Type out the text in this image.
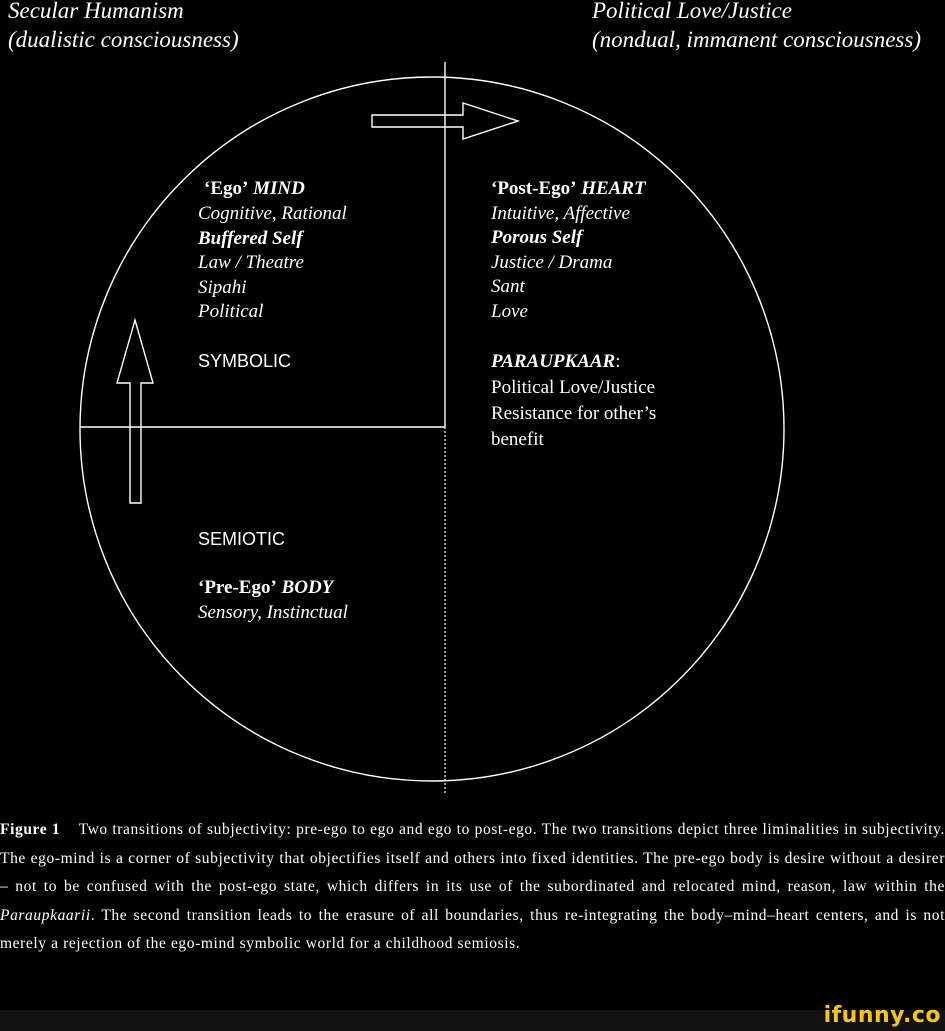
Secular Humanism
(dualistic consciousness)
Political Love/Justice
(nondual, immanent consciousness)
‘Ego’ MIND
Cognitive, Rational
Buffered Self
Law / Theatre
Sipahi
Political
SYMBOLIC
‘Post-Ego’ HEART
Intuitive, Affective
Porous Self
Justice / Drama
Sant
Love
PARAUPKAAR:
Political Love/Justice
Resistance for other’s
benefit
SEMIOTIC
‘Pre-Ego’ BODY
Sensory, Instinctual
Figure 1 Two transitions of subjectivity: pre-ego to ego and ego to post-ego. The two transitions depict three liminalities in subjectivity. The ego-mind is a corner of subjectivity that objectifies itself and others into fixed identities. The pre-ego body is desire without a desirer – not to be confused with the post-ego state, which differs in its use of the subordinated and relocated mind, reason, law within the Paraupkaarii. The second transition leads to the erasure of all boundaries, thus re-integrating the body–mind–heart centers, and is not merely a rejection of the ego-mind symbolic world for a childhood semiosis.
ifunny.co
